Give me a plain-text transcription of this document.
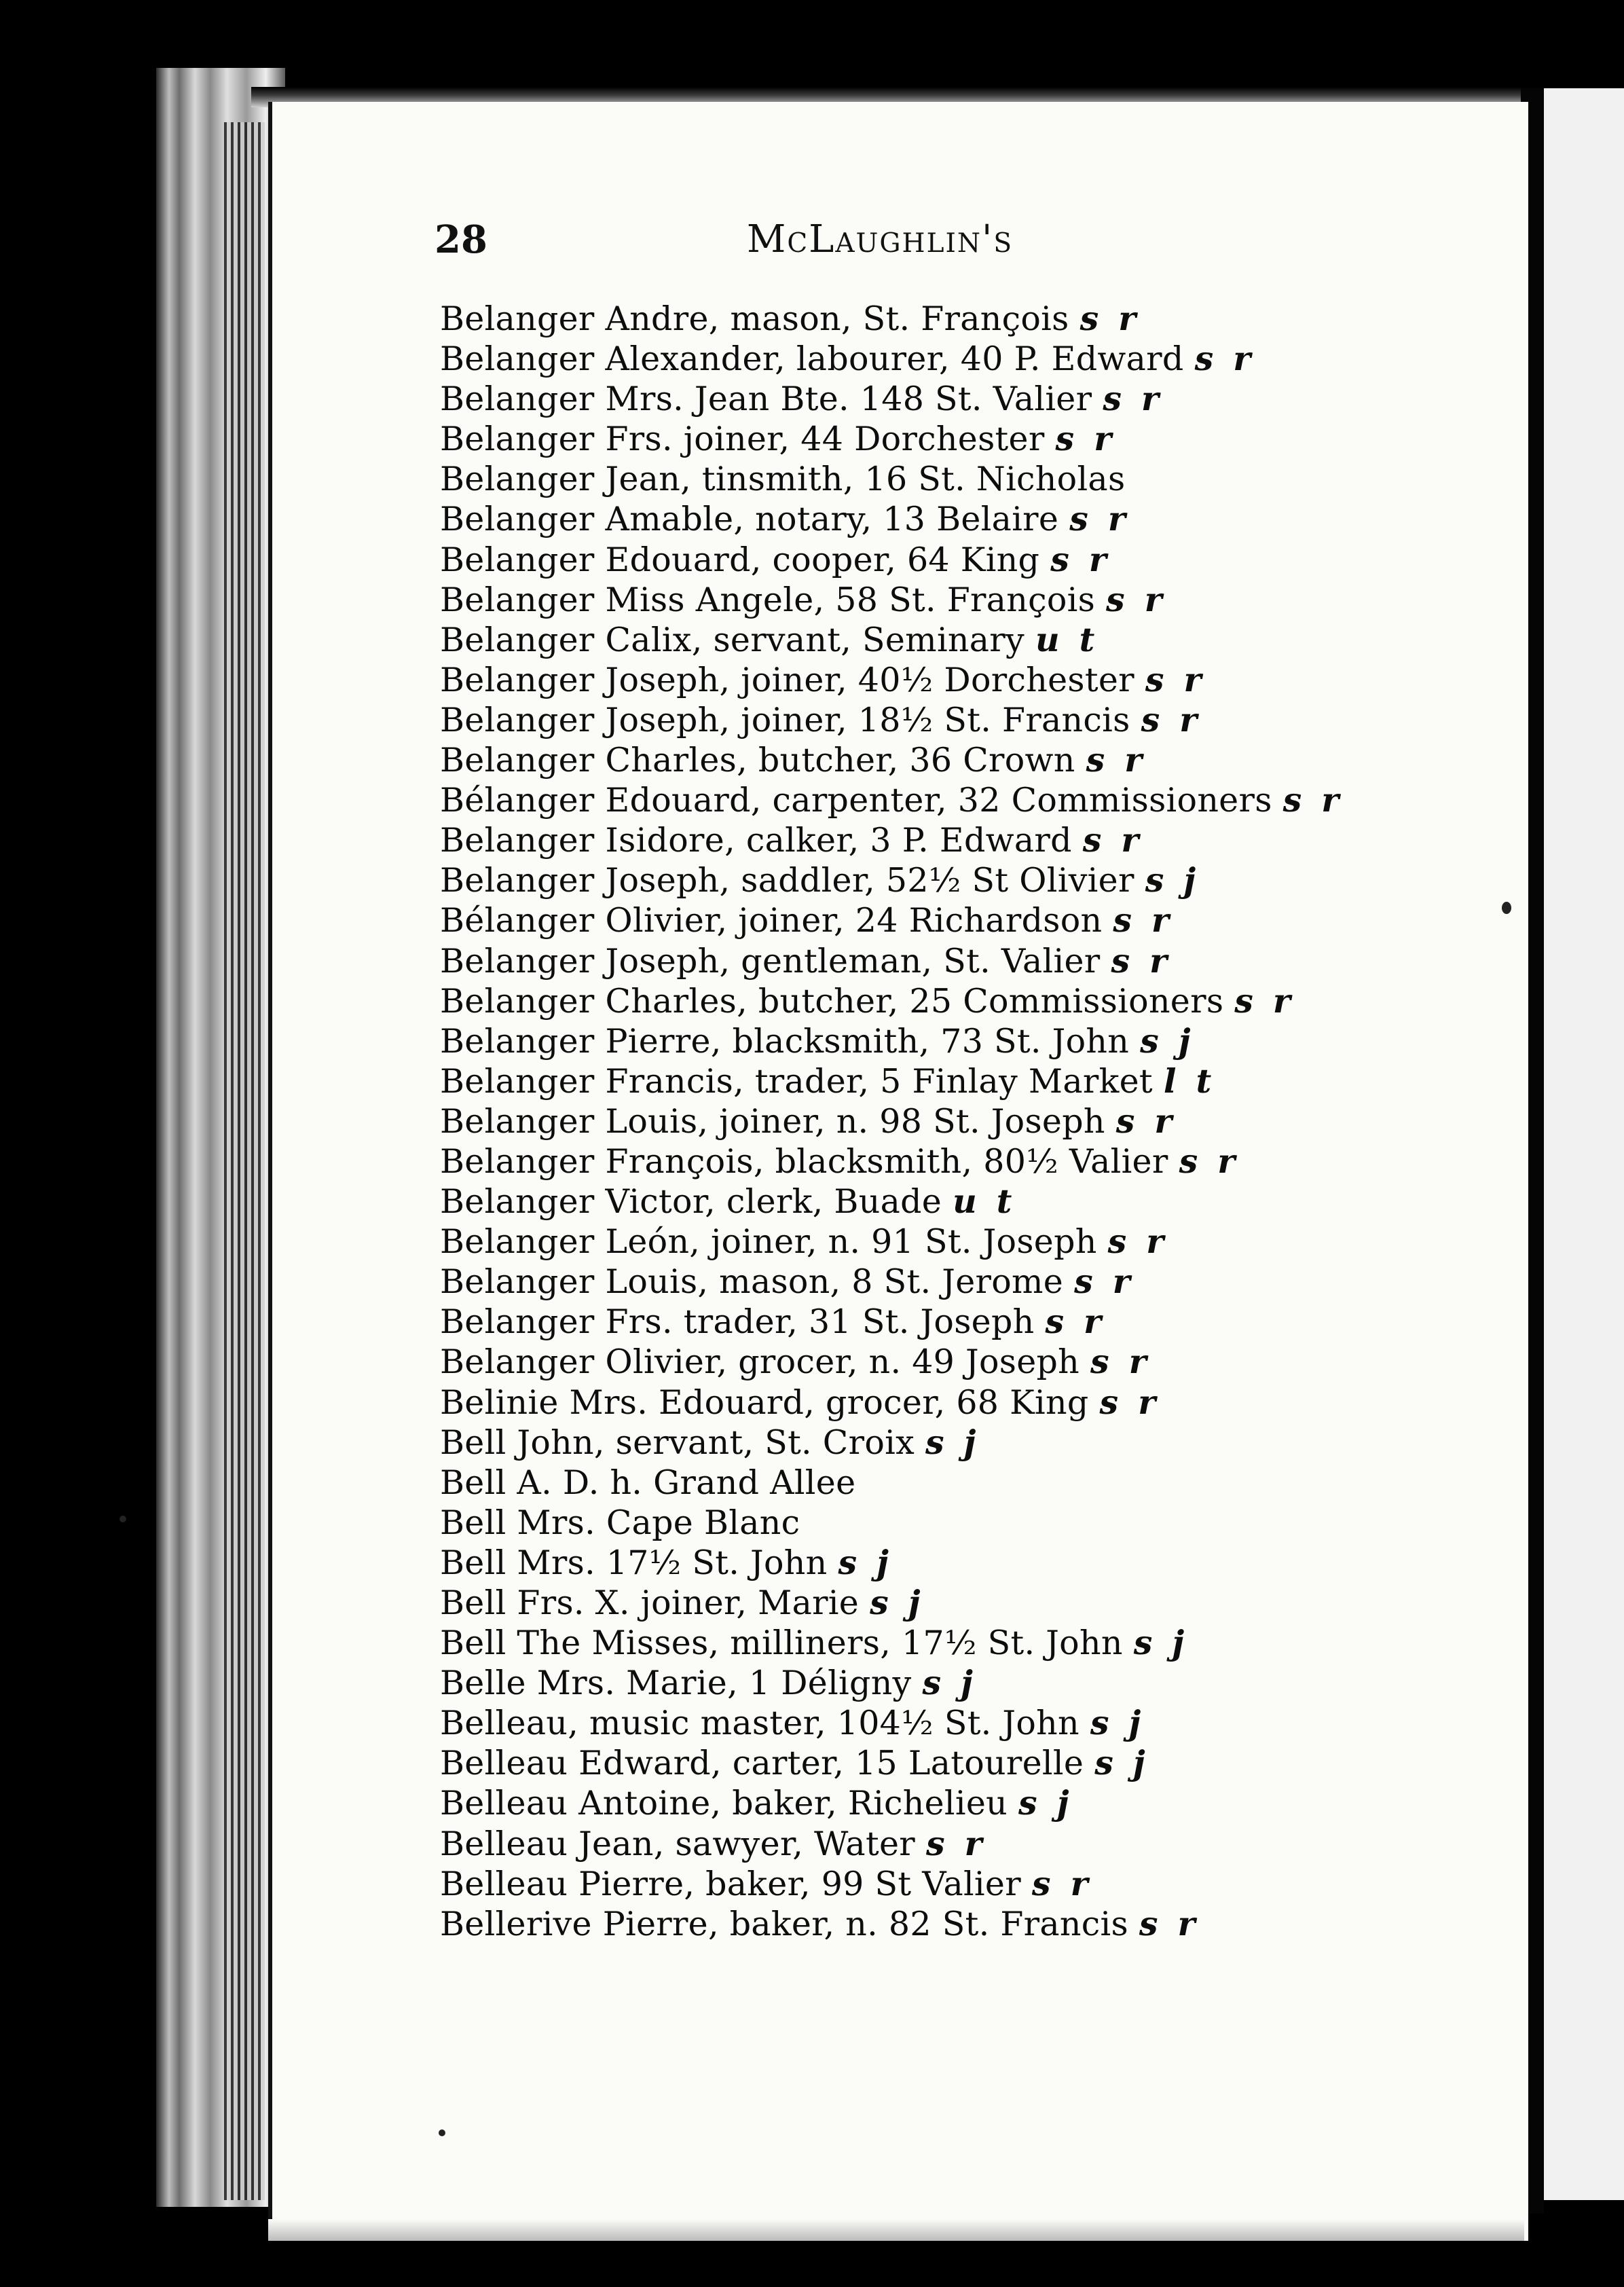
28	McLaughlin's
Belanger Andre, mason, St. François s r
Belanger Alexander, labourer, 40 P. Edward s r
Belanger Mrs. Jean Bte. 148 St. Valier s r
Belanger Frs. joiner, 44 Dorchester s r
Belanger Jean, tinsmith, 16 St. Nicholas
Belanger Amable, notary, 13 Belaire s r
Belanger Edouard, cooper, 64 King s r
Belanger Miss Angele, 58 St. François s r
Belanger Calix, servant, Seminary u t
Belanger Joseph, joiner, 40½ Dorchester s r
Belanger Joseph, joiner, 18½ St. Francis s r
Belanger Charles, butcher, 36 Crown s r
Bélanger Edouard, carpenter, 32 Commissioners s r
Belanger Isidore, calker, 3 P. Edward s r
Belanger Joseph, saddler, 52½ St Olivier s j
Bélanger Olivier, joiner, 24 Richardson s r
Belanger Joseph, gentleman, St. Valier s r
Belanger Charles, butcher, 25 Commissioners s r
Belanger Pierre, blacksmith, 73 St. John s j
Belanger Francis, trader, 5 Finlay Market l t
Belanger Louis, joiner, n. 98 St. Joseph s r
Belanger François, blacksmith, 80½ Valier s r
Belanger Victor, clerk, Buade u t
Belanger León, joiner, n. 91 St. Joseph s r
Belanger Louis, mason, 8 St. Jerome s r
Belanger Frs. trader, 31 St. Joseph s r
Belanger Olivier, grocer, n. 49 Joseph s r
Belinie Mrs. Edouard, grocer, 68 King s r
Bell John, servant, St. Croix s j
Bell A. D. h. Grand Allee
Bell Mrs. Cape Blanc
Bell Mrs. 17½ St. John s j
Bell Frs. X. joiner, Marie s j
Bell The Misses, milliners, 17½ St. John s j
Belle Mrs. Marie, 1 Déligny s j
Belleau, music master, 104½ St. John s j
Belleau Edward, carter, 15 Latourelle s j
Belleau Antoine, baker, Richelieu s j
Belleau Jean, sawyer, Water s r
Belleau Pierre, baker, 99 St Valier s r
Bellerive Pierre, baker, n. 82 St. Francis s r
